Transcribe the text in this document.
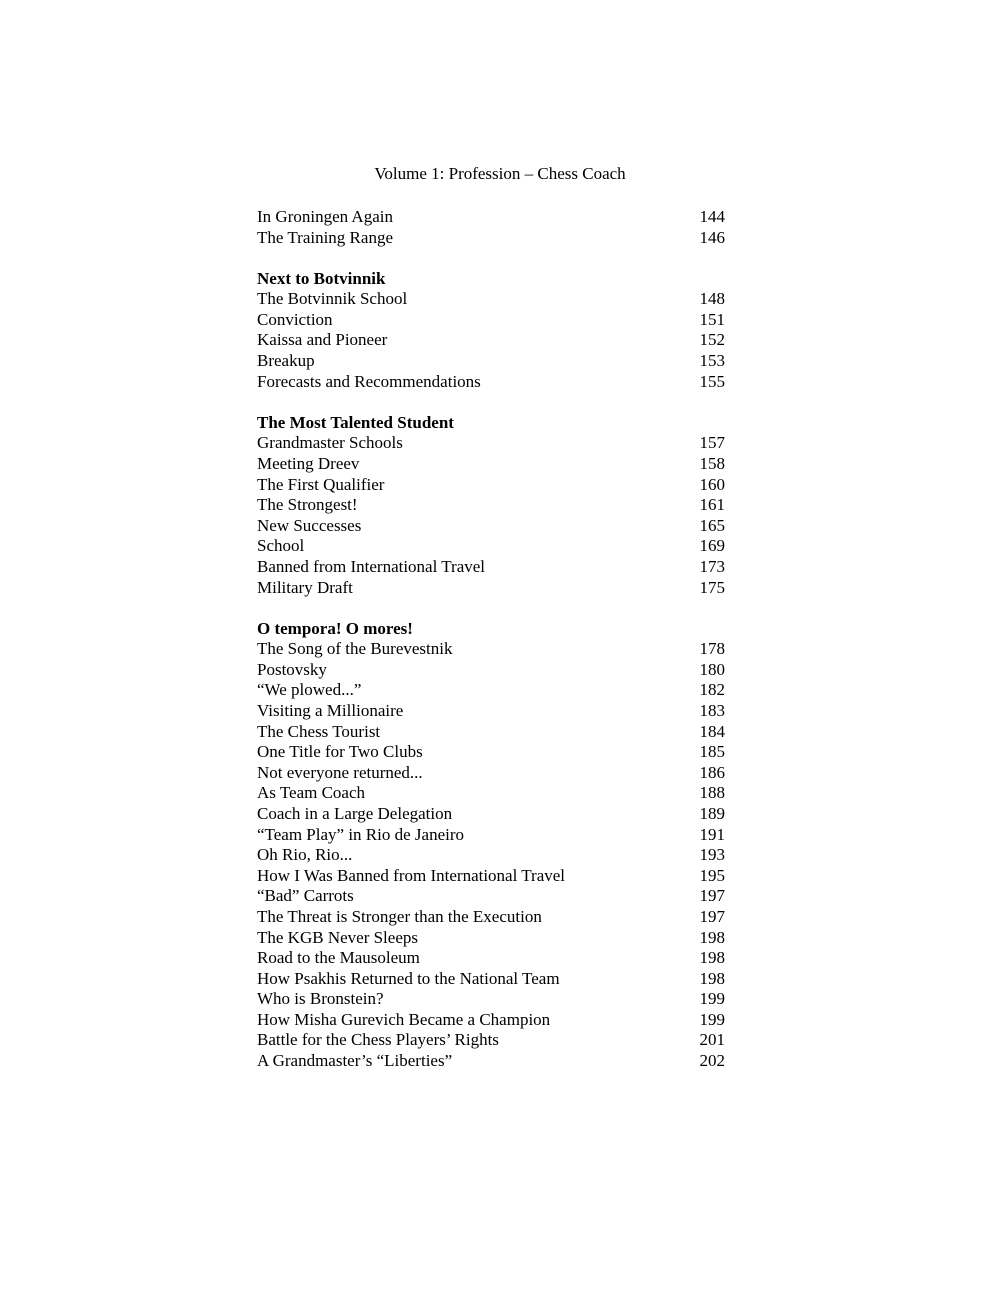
Volume 1: Profession – Chess Coach
In Groningen Again	144
The Training Range	146
Next to Botvinnik
The Botvinnik School	148
Conviction	151
Kaissa and Pioneer	152
Breakup	153
Forecasts and Recommendations	155
The Most Talented Student
Grandmaster Schools	157
Meeting Dreev	158
The First Qualifier	160
The Strongest!	161
New Successes	165
School	169
Banned from International Travel	173
Military Draft	175
O tempora! O mores!
The Song of the Burevestnik	178
Postovsky	180
“We plowed...”	182
Visiting a Millionaire	183
The Chess Tourist	184
One Title for Two Clubs	185
Not everyone returned...	186
As Team Coach	188
Coach in a Large Delegation	189
“Team Play” in Rio de Janeiro	191
Oh Rio, Rio...	193
How I Was Banned from International Travel	195
“Bad” Carrots	197
The Threat is Stronger than the Execution	197
The KGB Never Sleeps	198
Road to the Mausoleum	198
How Psakhis Returned to the National Team	198
Who is Bronstein?	199
How Misha Gurevich Became a Champion	199
Battle for the Chess Players’ Rights	201
A Grandmaster’s “Liberties”	202
